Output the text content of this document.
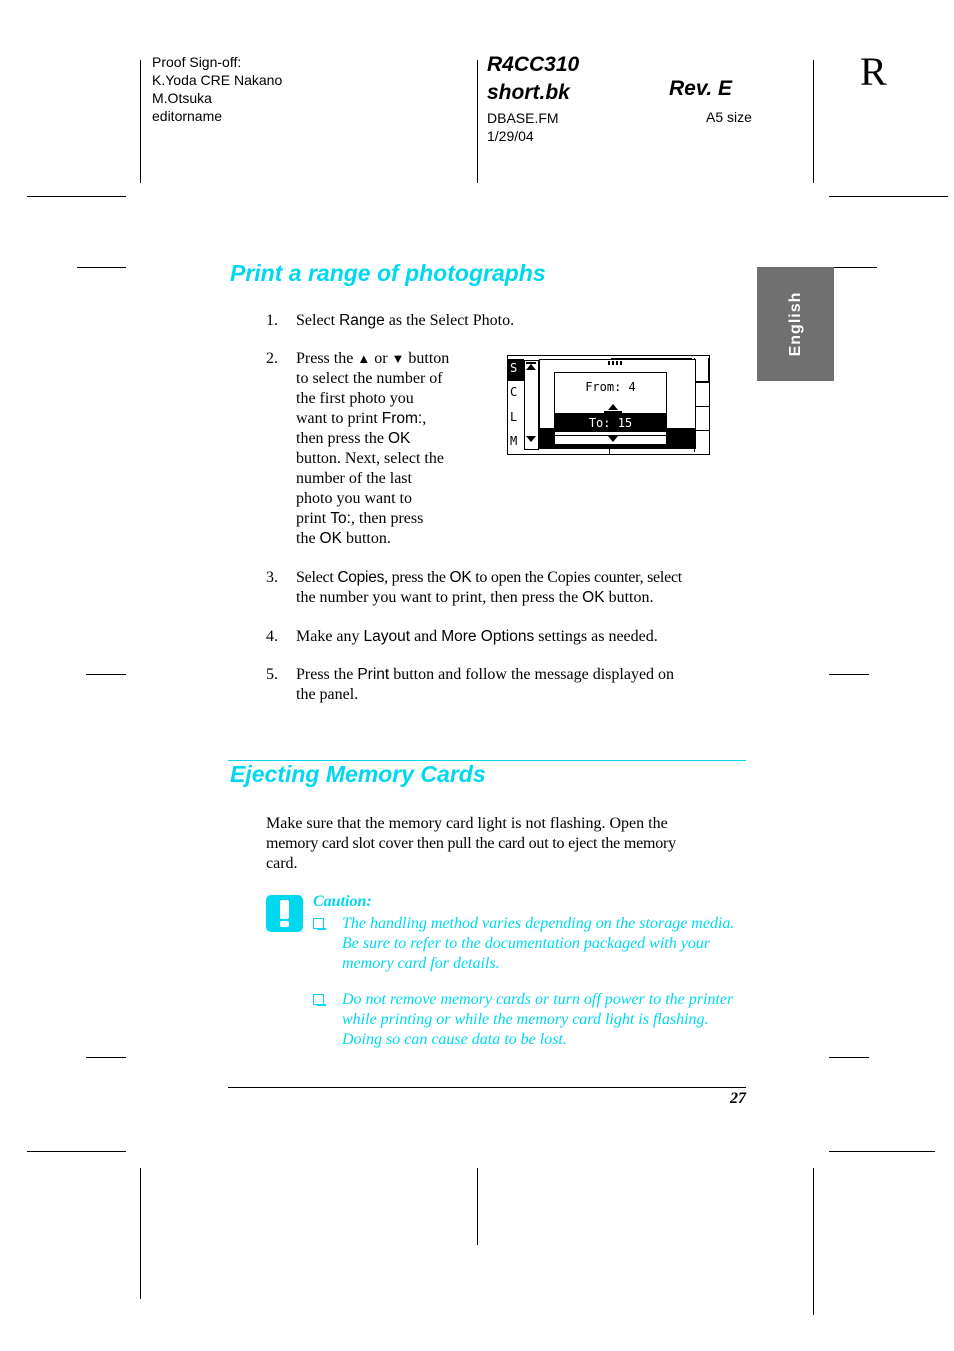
Proof Sign-off:
K.Yoda CRE Nakano
M.Otsuka
editorname
R4CC310
short.bk	Rev. E
DBASE.FM
1/29/04
A5 size
R
English
Print a range of photographs
1. Select Range as the Select Photo.
2. Press the ▲ or ▼ button
to select the number of
the first photo you
want to print From:,
then press the OK
button. Next, select the
number of the last
photo you want to
print To:, then press
the OK button.
S
C
L
M
From: 4
To: 15
3. Select Copies, press the OK to open the Copies counter, select
the number you want to print, then press the OK button.
4. Make any Layout and More Options settings as needed.
5. Press the Print button and follow the message displayed on
the panel.
Ejecting Memory Cards
Make sure that the memory card light is not flashing. Open the
memory card slot cover then pull the card out to eject the memory
card.
Caution:
The handling method varies depending on the storage media.
Be sure to refer to the documentation packaged with your
memory card for details.
Do not remove memory cards or turn off power to the printer
while printing or while the memory card light is flashing.
Doing so can cause data to be lost.
27
